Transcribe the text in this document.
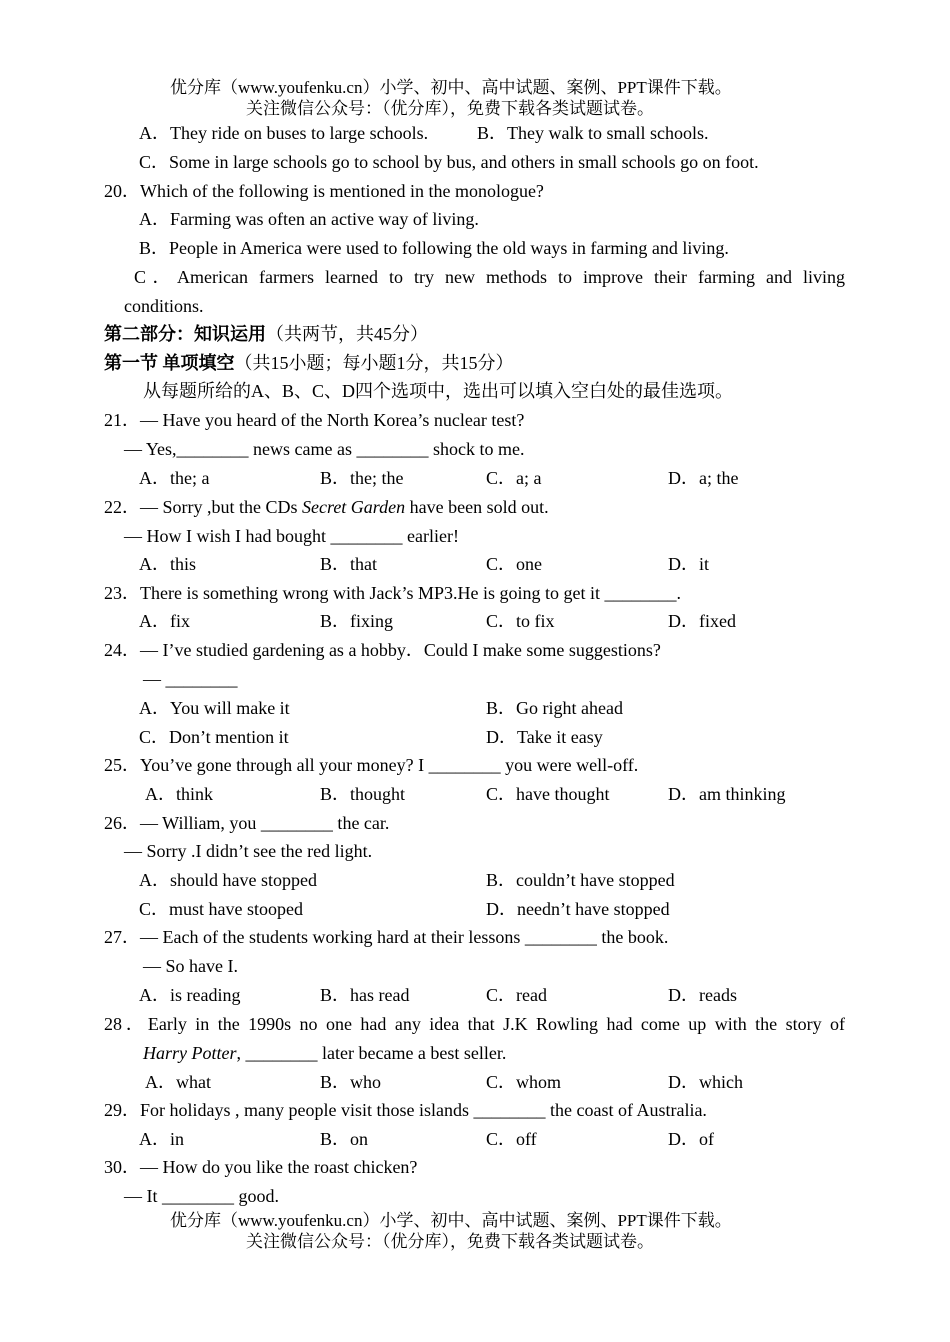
优分库（www.youfenku.cn）小学、初中、高中试题、案例、PPT课件下载。
关注微信公众号：（优分库），免费下载各类试题试卷。
A．They ride on buses to large schools.	B．They walk to small schools.
C．Some in large schools go to school by bus, and others in small schools go on foot.
20．Which of the following is mentioned in the monologue?
A．Farming was often an active way of living.
B．People in America were used to following the old ways in farming and living.
C．American farmers learned to try new methods to improve their farming and living
conditions.
第二部分：知识运用（共两节，共45分）
第一节 单项填空（共15小题；每小题1分，共15分）
从每题所给的A、B、C、D四个选项中，选出可以填入空白处的最佳选项。
21．— Have you heard of the North Korea’s nuclear test?
— Yes,________ news came as ________ shock to me.
A．the; a	B．the; the	C．a; a	D．a; the
22．— Sorry ,but the CDs Secret Garden have been sold out.
— How I wish I had bought ________ earlier!
A．this	B．that	C．one	D．it
23．There is something wrong with Jack’s MP3.He is going to get it ________.
A．fix	B．fixing	C．to fix	D．fixed
24．— I’ve studied gardening as a hobby．Could I make some suggestions?
— ________
A．You will make it	B．Go right ahead
C．Don’t mention it	D．Take it easy
25．You’ve gone through all your money? I ________ you were well-off.
A．think	B．thought	C．have thought	D．am thinking
26．— William, you ________ the car.
— Sorry .I didn’t see the red light.
A．should have stopped	B．couldn’t have stopped
C．must have stooped	D．needn’t have stopped
27．— Each of the students working hard at their lessons ________ the book.
— So have I.
A．is reading	B．has read	C．read	D．reads
28．Early in the 1990s no one had any idea that J.K Rowling had come up with the story of
Harry Potter, ________ later became a best seller.
A．what	B．who	C．whom	D．which
29．For holidays , many people visit those islands ________ the coast of Australia.
A．in	B．on	C．off	D．of
30．— How do you like the roast chicken?
— It ________ good.
优分库（www.youfenku.cn）小学、初中、高中试题、案例、PPT课件下载。
关注微信公众号：（优分库），免费下载各类试题试卷。
